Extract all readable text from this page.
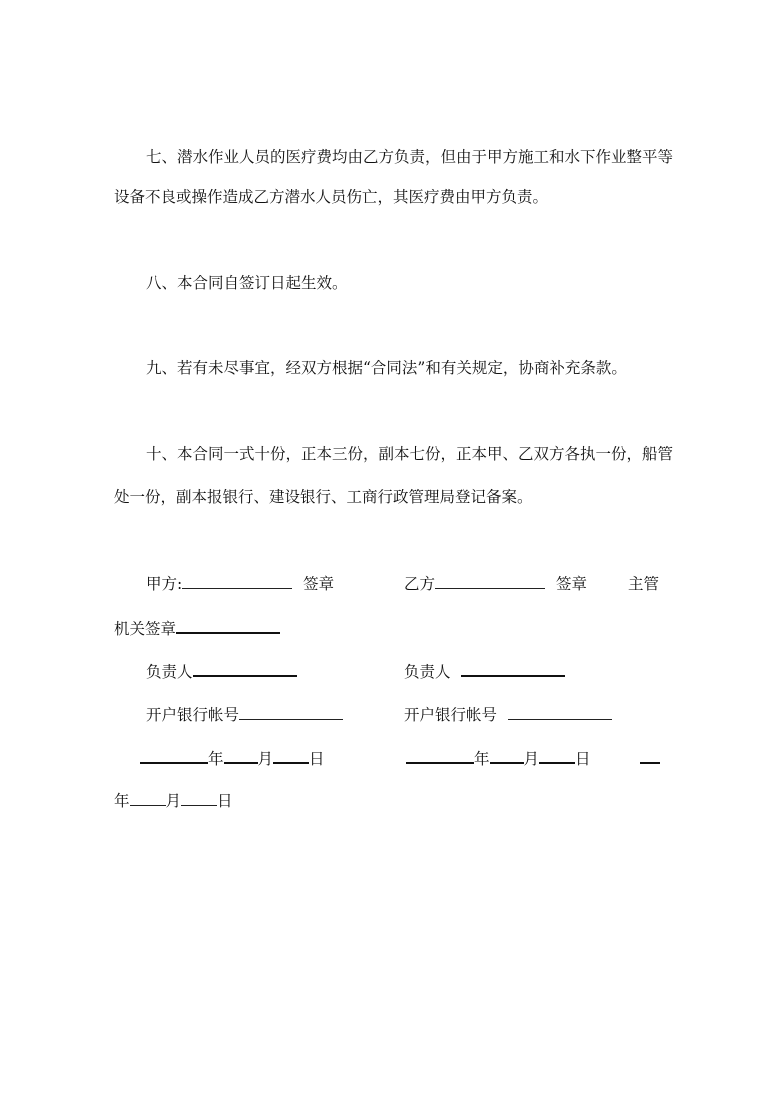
七、潜水作业人员的医疗费均由乙方负责，但由于甲方施工和水下作业整平等
设备不良或操作造成乙方潜水人员伤亡，其医疗费由甲方负责。
八、本合同自签订日起生效。
九、若有未尽事宜，经双方根据“合同法”和有关规定，协商补充条款。
十、本合同一式十份，正本三份，副本七份，正本甲、乙双方各执一份，船管
处一份，副本报银行、建设银行、工商行政管理局登记备案。
甲方:	签章	乙方	签章	主管
机关签章
负责人	负责人
开户银行帐号	开户银行帐号
年 月 日	年 月 日
年 月 日
